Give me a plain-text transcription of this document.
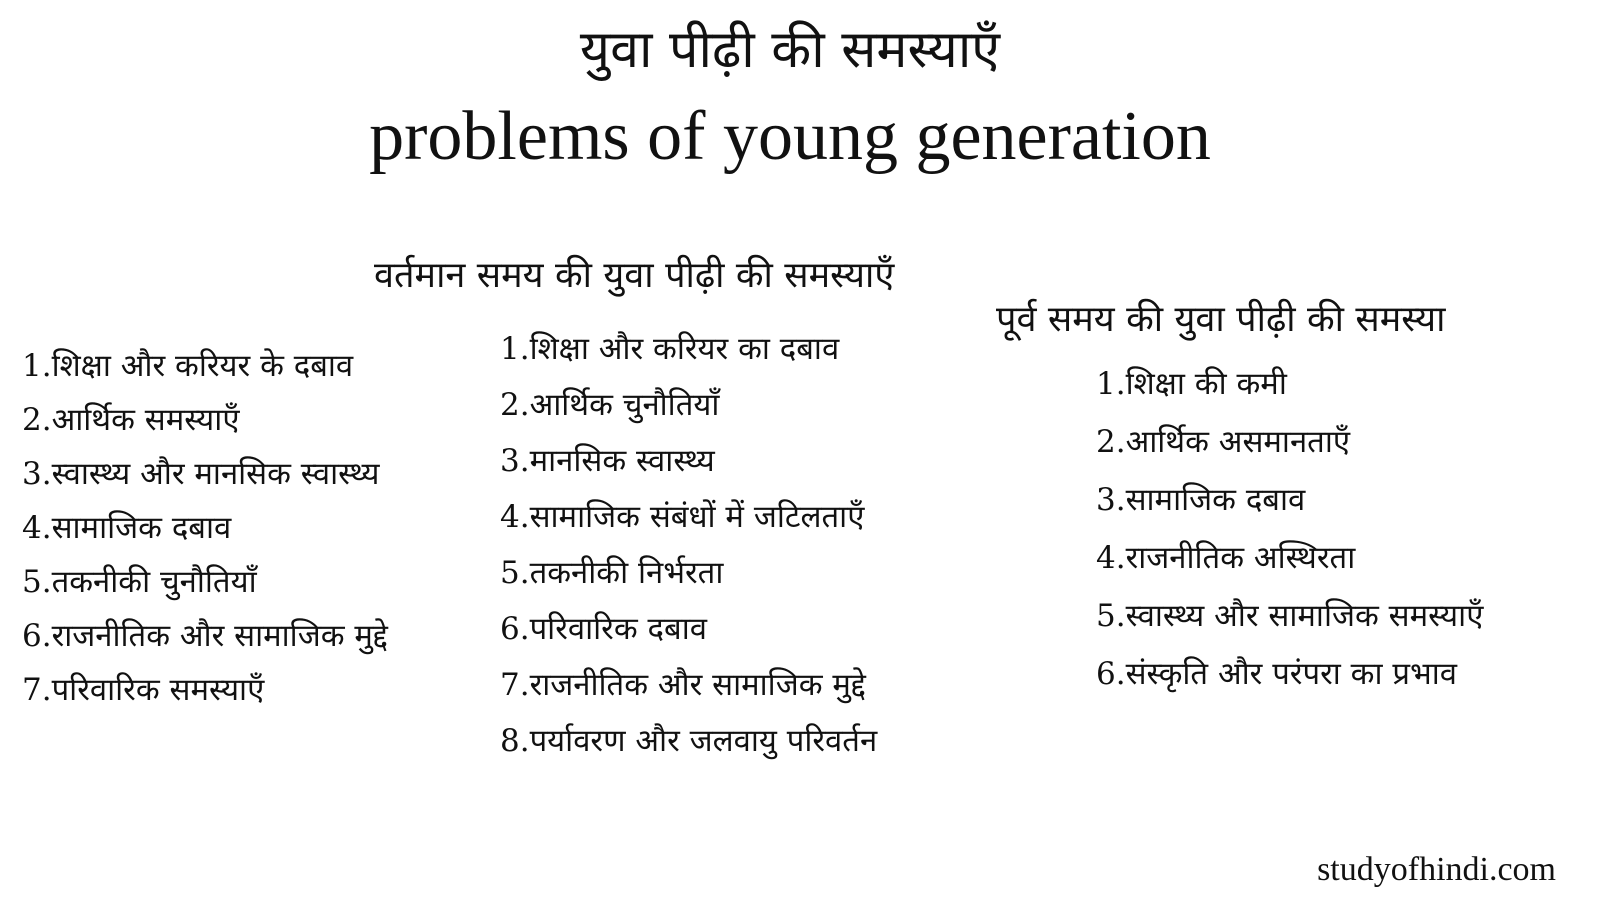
युवा पीढ़ी की समस्याएँ
problems of young generation
वर्तमान समय की युवा पीढ़ी की समस्याएँ
पूर्व समय की युवा पीढ़ी की समस्या
1.शिक्षा और करियर के दबाव
2.आर्थिक समस्याएँ
3.स्वास्थ्य और मानसिक स्वास्थ्य
4.सामाजिक दबाव
5.तकनीकी चुनौतियाँ
6.राजनीतिक और सामाजिक मुद्दे
7.परिवारिक समस्याएँ
1.शिक्षा और करियर का दबाव
2.आर्थिक चुनौतियाँ
3.मानसिक स्वास्थ्य
4.सामाजिक संबंधों में जटिलताएँ
5.तकनीकी निर्भरता
6.परिवारिक दबाव
7.राजनीतिक और सामाजिक मुद्दे
8.पर्यावरण और जलवायु परिवर्तन
1.शिक्षा की कमी
2.आर्थिक असमानताएँ
3.सामाजिक दबाव
4.राजनीतिक अस्थिरता
5.स्वास्थ्य और सामाजिक समस्याएँ
6.संस्कृति और परंपरा का प्रभाव
studyofhindi.com
